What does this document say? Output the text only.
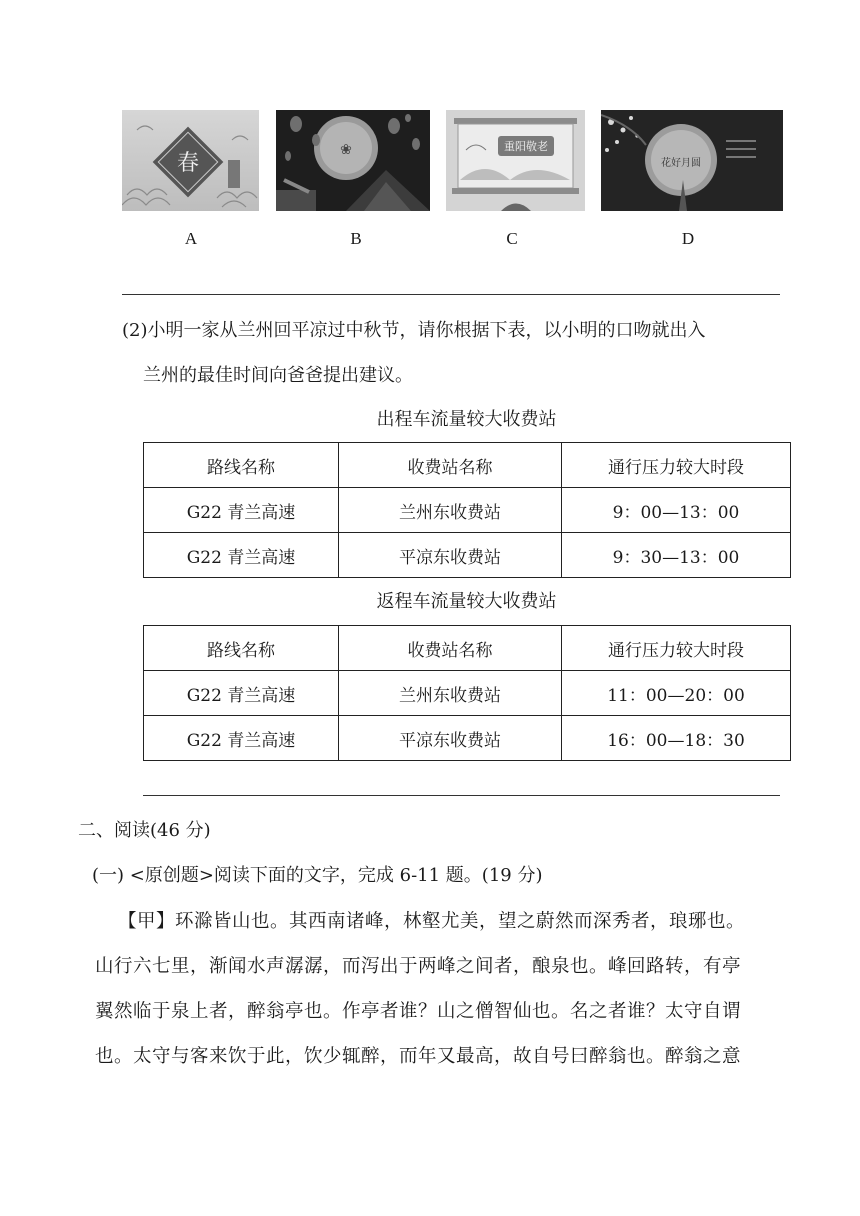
春
❀	重阳敬老
花好月圆
A	B	C	D
(2)小明一家从兰州回平凉过中秋节，请你根据下表，以小明的口吻就出入
兰州的最佳时间向爸爸提出建议。
出程车流量较大收费站
路线名称	收费站名称	通行压力较大时段
G22 青兰高速	兰州东收费站	9：00—13：00
G22 青兰高速	平凉东收费站	9：30—13：00
返程车流量较大收费站
路线名称	收费站名称	通行压力较大时段
G22 青兰高速	兰州东收费站	11：00—20：00
G22 青兰高速	平凉东收费站	16：00—18：30
二、阅读(46 分)
(一) <原创题>阅读下面的文字，完成 6-11 题。(19 分)
【甲】环滁皆山也。其西南诸峰，林壑尤美，望之蔚然而深秀者，琅琊也。
山行六七里，渐闻水声潺潺，而泻出于两峰之间者，酿泉也。峰回路转，有亭
翼然临于泉上者，醉翁亭也。作亭者谁？山之僧智仙也。名之者谁？太守自谓
也。太守与客来饮于此，饮少辄醉，而年又最高，故自号曰醉翁也。醉翁之意
